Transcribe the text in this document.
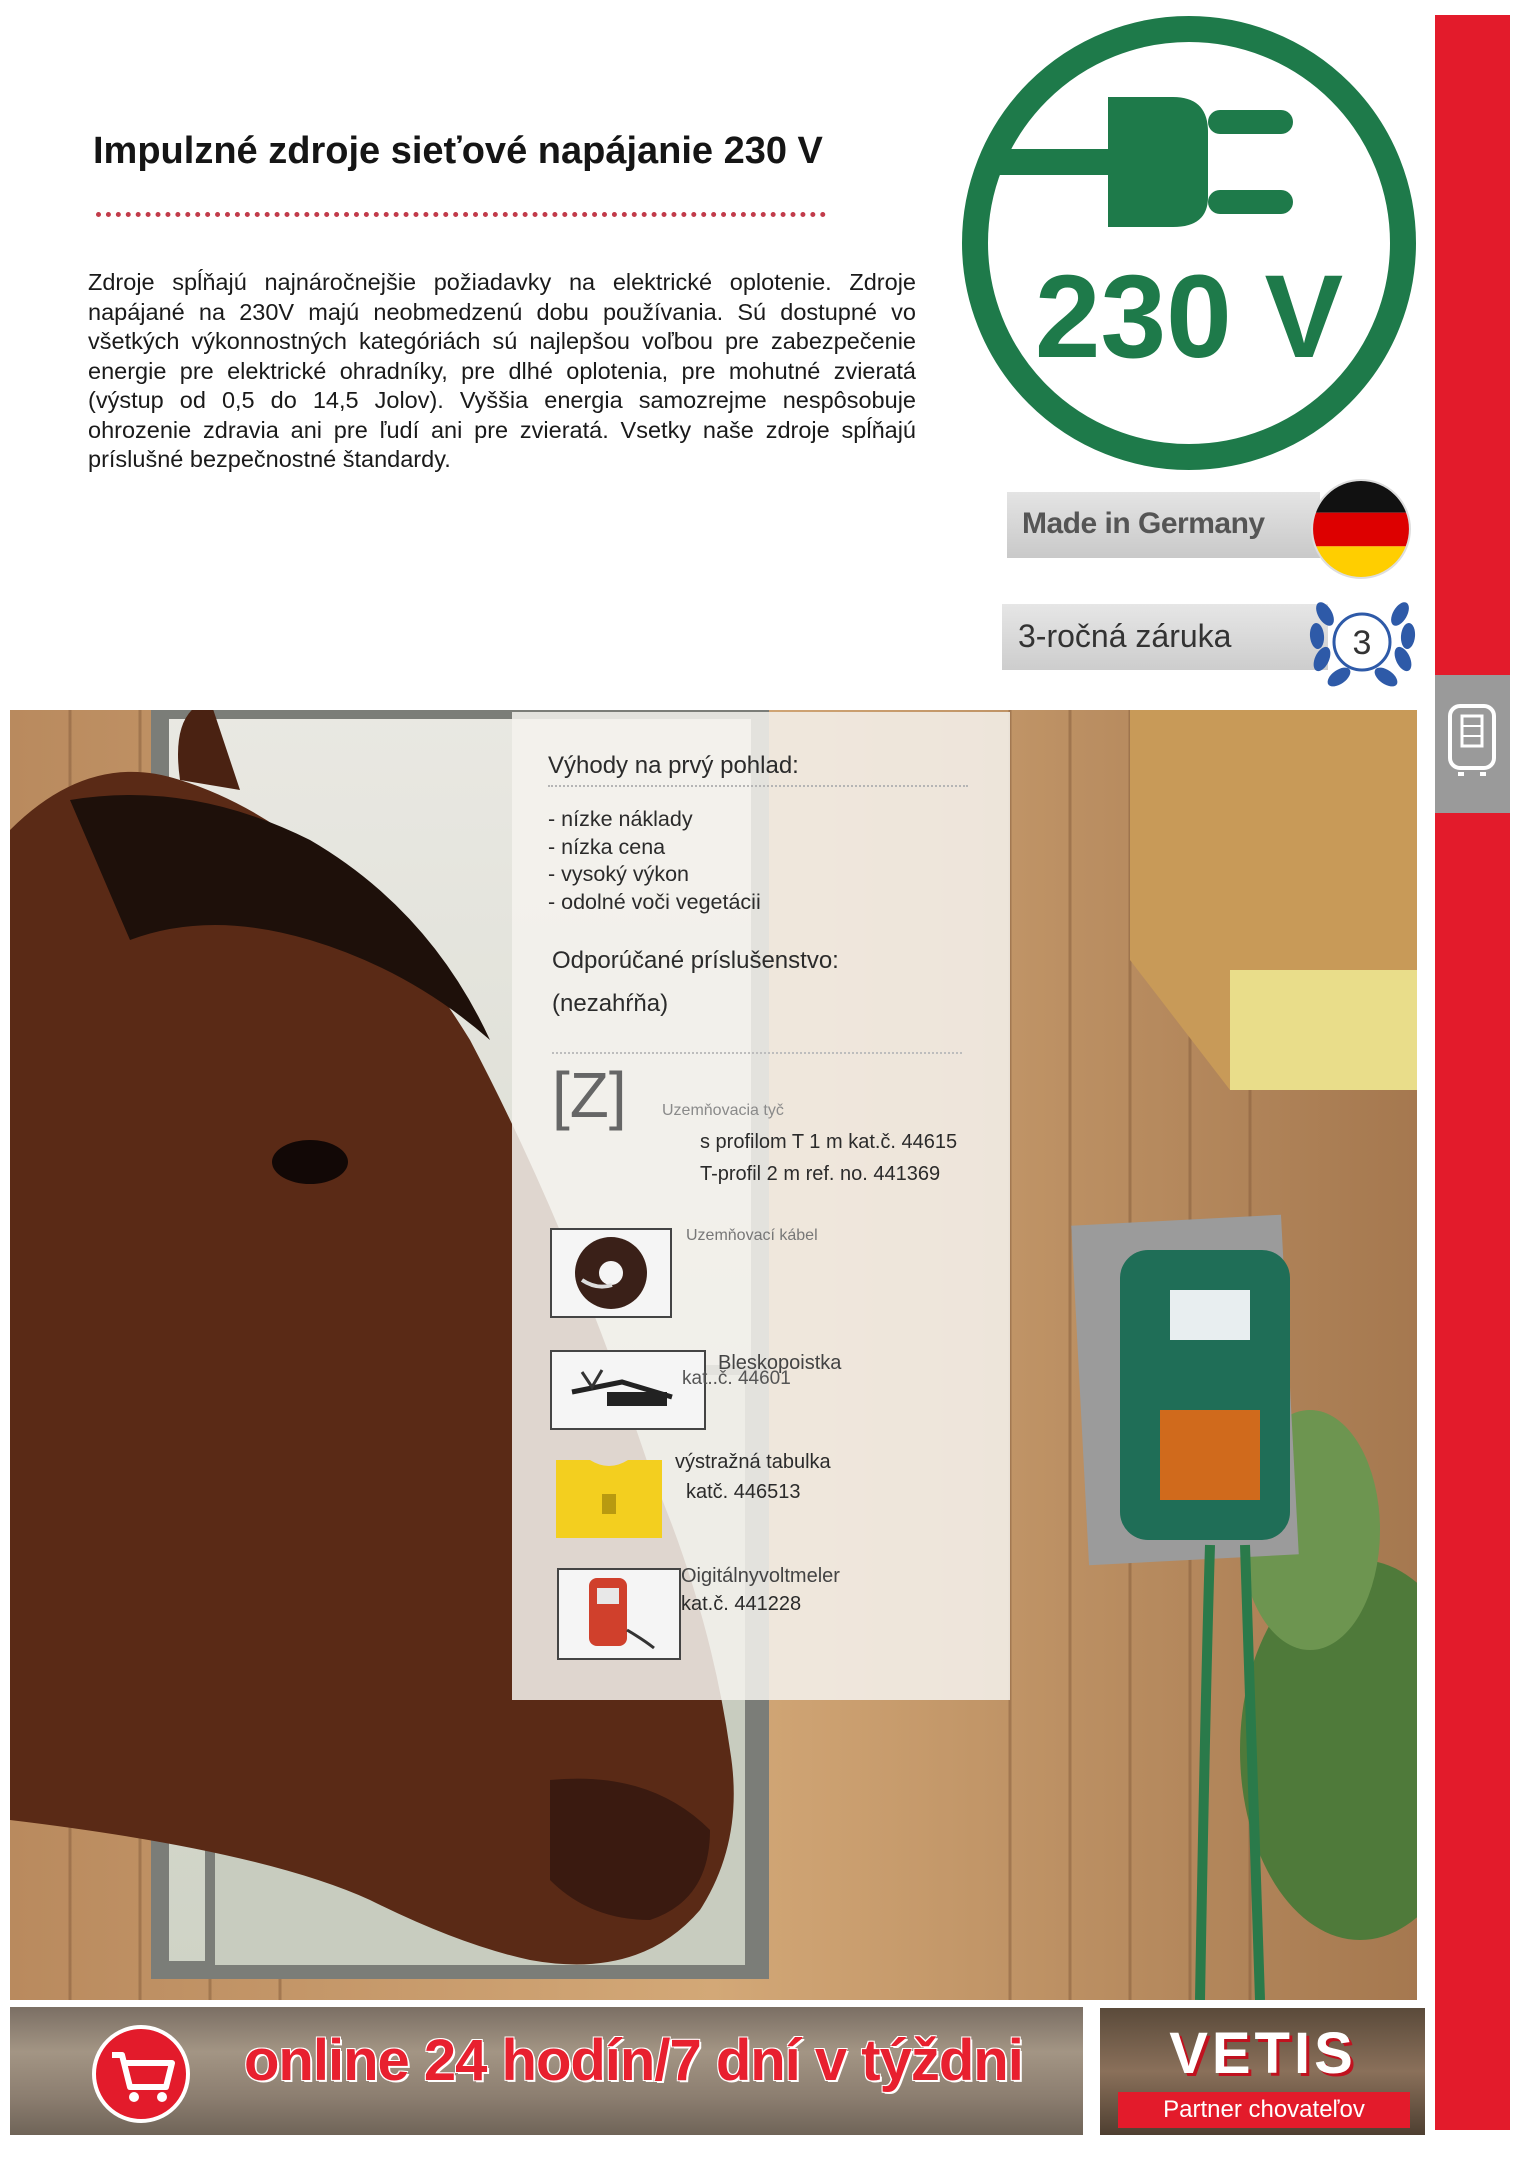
Impulzné zdroje sieťové napájanie 230 V
Zdroje spĺňajú najnáročnejšie požiadavky na elektrické oplotenie. Zdroje napájané na 230V majú neobmedzenú dobu používania. Sú dostupné vo všetkých výkonnostných kategóriách sú najlepšou voľbou pre zabezpečenie energie pre elektrické ohradníky, pre dlhé oplotenia, pre mohutné zvieratá (výstup od 0,5 do 14,5 Jolov). Vyššia energia samozrejme nespôsobuje ohrozenie zdravia ani pre ľudí ani pre zvieratá. Vsetky naše zdroje spĺňajú príslušné bezpečnostné štandardy.
230 V
Made in Germany
3-ročná záruka	3
Výhody na prvý pohlad:
- nízke náklady
- nízka cena
- vysoký výkon
- odolné voči vegetácii
Odporúčané príslušenstvo:
(nezahŕňa)
[Z] Uzemňovacia tyč
s profilom T 1 m kat.č. 44615
T-profil 2 m ref. no. 441369
Uzemňovací kábel
Bleskopoistka
kat..č. 44601
výstražná tabulka
katč. 446513
Oigitálnyvoltmeler
kat.č. 441228
online 24 hodín/7 dní v týždni	VETIS
Partner chovateľov
